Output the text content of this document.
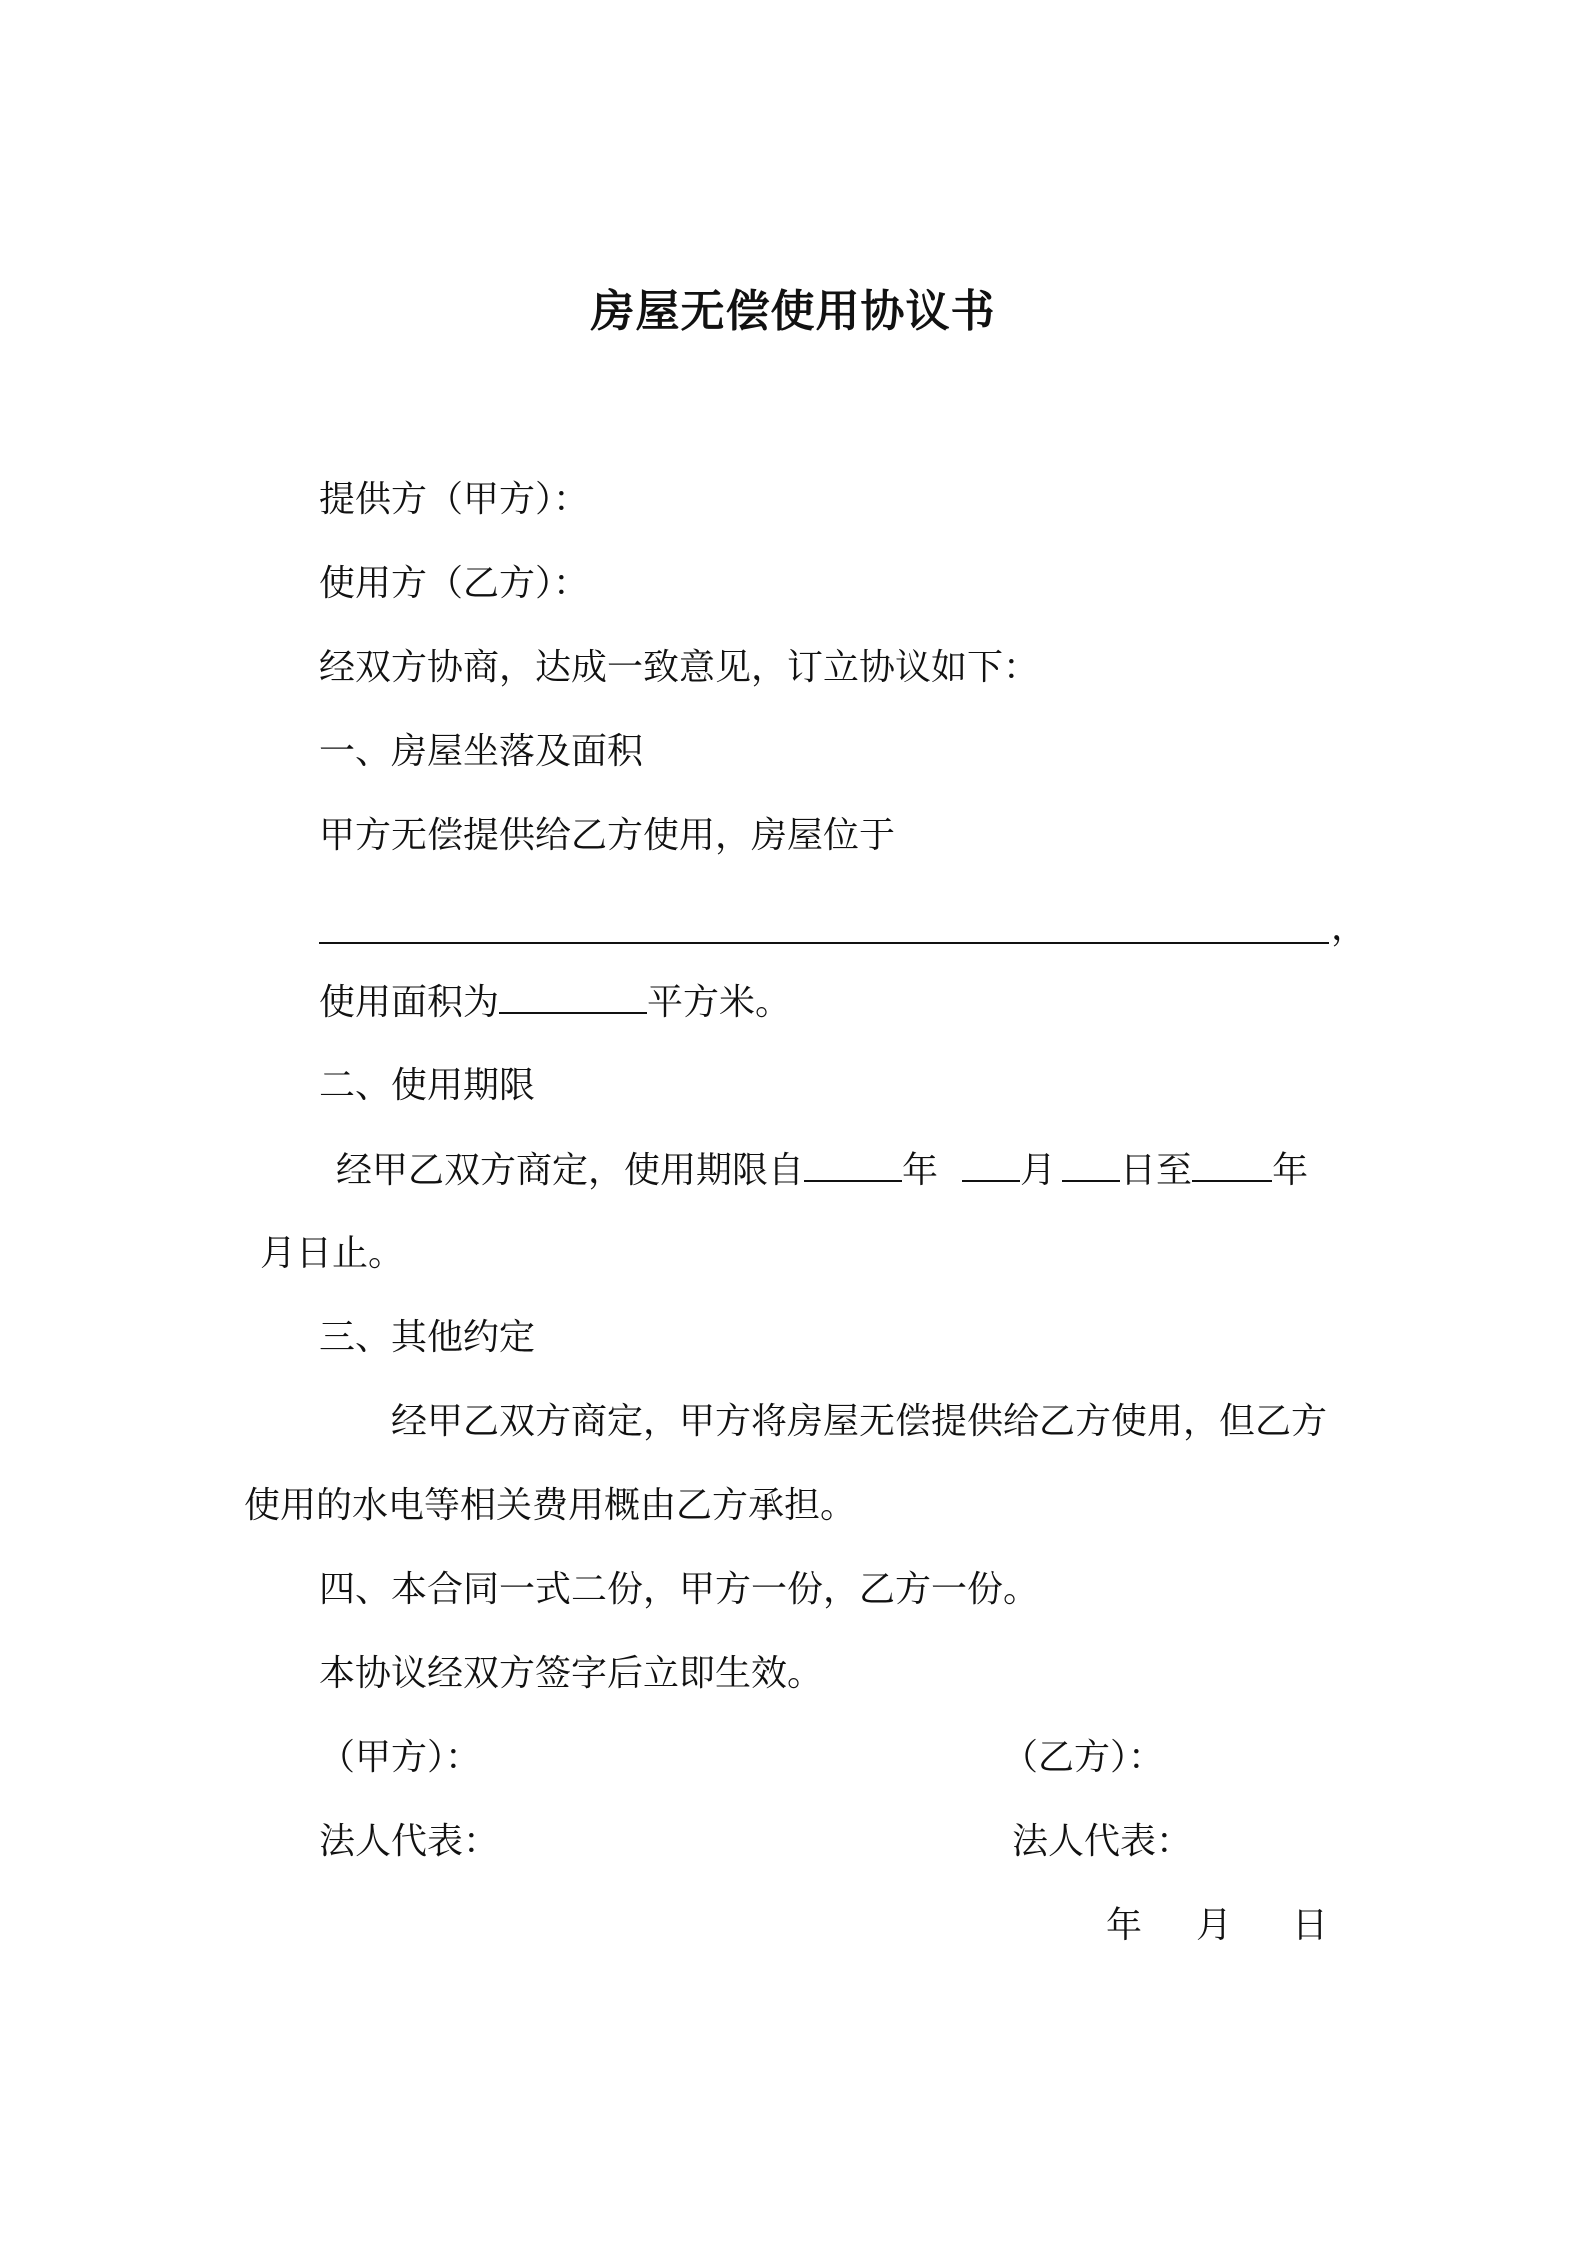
房屋无偿使用协议书
提供方（甲方）：
使用方（乙方）：
经双方协商，达成一致意见，订立协议如下：
一、房屋坐落及面积
甲方无偿提供给乙方使用，房屋位于
，
使用面积为	平方米。
二、使用期限
经甲乙双方商定，使用期限自	年 月 日至 年
月日止。
三、其他约定
经甲乙双方商定，甲方将房屋无偿提供给乙方使用，但乙方
使用的水电等相关费用概由乙方承担。
四、本合同一式二份，甲方一份，乙方一份。
本协议经双方签字后立即生效。
（甲方）：	（乙方）：
法人代表：	法人代表：
年 月 日
